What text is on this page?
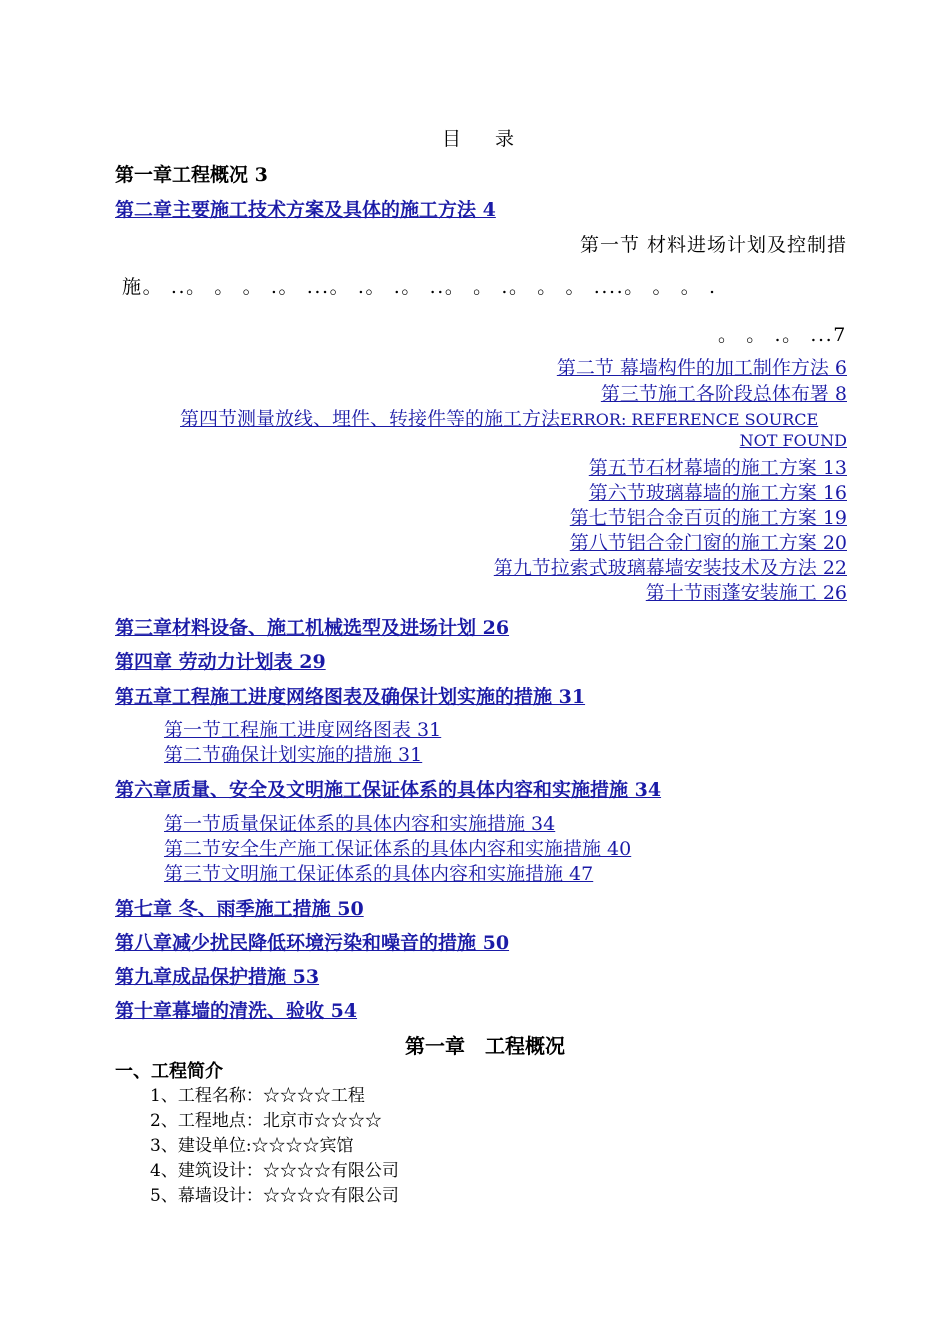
目 录
第一章工程概况 3
第二章主要施工技术方案及具体的施工方法 4
第一节 材料进场计划及控制措
施。 ..。 。 。 .。 ...。 .。 .。 ..。 。 .。 。 。 ....。 。 。 .
。 。 .。 ...7
第二节 幕墙构件的加工制作方法 6
第三节施工各阶段总体布署 8
第四节测量放线、埋件、转接件等的施工方法ERROR: REFERENCE SOURCE
NOT FOUND
第五节石材幕墙的施工方案 13
第六节玻璃幕墙的施工方案 16
第七节铝合金百页的施工方案 19
第八节铝合金门窗的施工方案 20
第九节拉索式玻璃幕墙安装技术及方法 22
第十节雨蓬安装施工 26
第三章材料设备、施工机械选型及进场计划 26
第四章 劳动力计划表 29
第五章工程施工进度网络图表及确保计划实施的措施 31
第一节工程施工进度网络图表 31
第二节确保计划实施的措施 31
第六章质量、安全及文明施工保证体系的具体内容和实施措施 34
第一节质量保证体系的具体内容和实施措施 34
第二节安全生产施工保证体系的具体内容和实施措施 40
第三节文明施工保证体系的具体内容和实施措施 47
第七章 冬、雨季施工措施 50
第八章减少扰民降低环境污染和噪音的措施 50
第九章成品保护措施 53
第十章幕墙的清洗、验收 54
第一章 工程概况
一、工程简介
1、工程名称：☆☆☆☆工程
2、工程地点：北京市☆☆☆☆
3、建设单位:☆☆☆☆宾馆
4、建筑设计：☆☆☆☆有限公司
5、幕墙设计：☆☆☆☆有限公司
